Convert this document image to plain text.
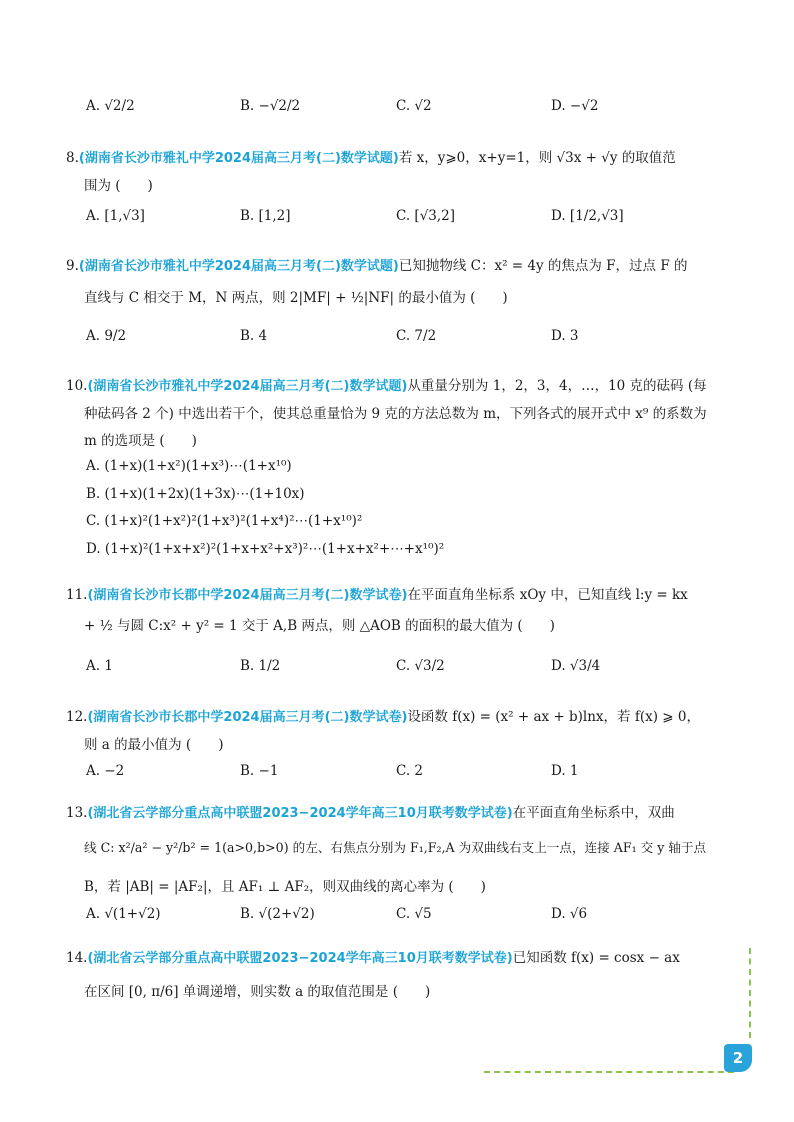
A. √2/2	B. −√2/2	C. √2	D. −√2
8.(湖南省长沙市雅礼中学2024届高三月考(二)数学试题)若 x，y⩾0，x+y=1，则 √3x + √y 的取值范
围为 (　　)
A. [1,√3]	B. [1,2]	C. [√3,2]	D. [1/2,√3]
9.(湖南省长沙市雅礼中学2024届高三月考(二)数学试题)已知抛物线 C：x² = 4y 的焦点为 F，过点 F 的
直线与 C 相交于 M，N 两点，则 2|MF| + ½|NF| 的最小值为 (　　)
A. 9/2	B. 4	C. 7/2	D. 3
10.(湖南省长沙市雅礼中学2024届高三月考(二)数学试题)从重量分别为 1，2，3，4，…，10 克的砝码 (每
种砝码各 2 个) 中选出若干个，使其总重量恰为 9 克的方法总数为 m，下列各式的展开式中 x⁹ 的系数为
m 的选项是 (　　)
A. (1+x)(1+x²)(1+x³)⋯(1+x¹⁰)
B. (1+x)(1+2x)(1+3x)⋯(1+10x)
C. (1+x)²(1+x²)²(1+x³)²(1+x⁴)²⋯(1+x¹⁰)²
D. (1+x)²(1+x+x²)²(1+x+x²+x³)²⋯(1+x+x²+⋯+x¹⁰)²
11.(湖南省长沙市长郡中学2024届高三月考(二)数学试卷)在平面直角坐标系 xOy 中，已知直线 l:y = kx
+ ½ 与圆 C:x² + y² = 1 交于 A,B 两点，则 △AOB 的面积的最大值为 (　　)
A. 1	B. 1/2	C. √3/2	D. √3/4
12.(湖南省长沙市长郡中学2024届高三月考(二)数学试卷)设函数 f(x) = (x² + ax + b)lnx，若 f(x) ⩾ 0，
则 a 的最小值为 (　　)
A. −2	B. −1	C. 2	D. 1
13.(湖北省云学部分重点高中联盟2023−2024学年高三10月联考数学试卷)在平面直角坐标系中，双曲
线 C: x²/a² − y²/b² = 1(a>0,b>0) 的左、右焦点分别为 F₁,F₂,A 为双曲线右支上一点，连接 AF₁ 交 y 轴于点
B，若 |AB| = |AF₂|，且 AF₁ ⊥ AF₂，则双曲线的离心率为 (　　)
A. √(1+√2)	B. √(2+√2)	C. √5	D. √6
14.(湖北省云学部分重点高中联盟2023−2024学年高三10月联考数学试卷)已知函数 f(x) = cosx − ax
在区间 [0, π/6] 单调递增，则实数 a 的取值范围是 (　　)
2
